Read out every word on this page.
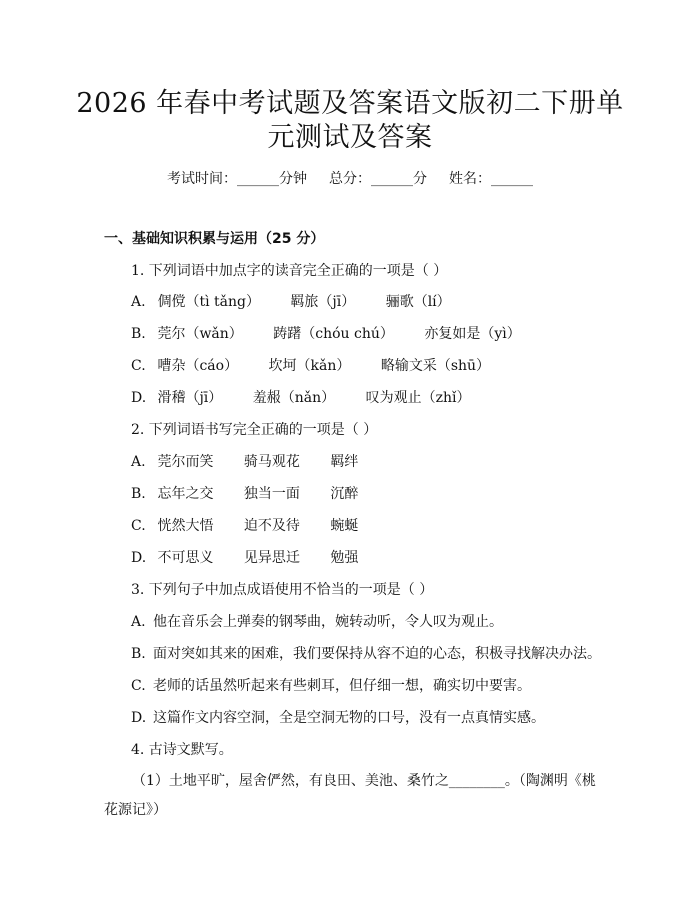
2026 年春中考试题及答案语文版初二下册单
元测试及答案
考试时间：______分钟 总分：______分 姓名：______
一、基础知识积累与运用（25 分）
1. 下列词语中加点字的读音完全正确的一项是（ ）
A. 倜傥（tì tǎng） 羁旅（jī） 骊歌（lí）
B. 莞尔（wǎn） 踌躇（chóu chú） 亦复如是（yì）
C. 嘈杂（cáo） 坎坷（kǎn） 略输文采（shū）
D. 滑稽（jī） 羞赧（nǎn） 叹为观止（zhǐ）
2. 下列词语书写完全正确的一项是（ ）
A. 莞尔而笑 骑马观花 羁绊
B. 忘年之交 独当一面 沉醉
C. 恍然大悟 迫不及待 蜿蜒
D. 不可思义 见异思迁 勉强
3. 下列句子中加点成语使用不恰当的一项是（ ）
A. 他在音乐会上弹奏的钢琴曲，婉转动听，令人叹为观止。
B. 面对突如其来的困难，我们要保持从容不迫的心态，积极寻找解决办法。
C. 老师的话虽然听起来有些刺耳，但仔细一想，确实切中要害。
D. 这篇作文内容空洞，全是空洞无物的口号，没有一点真情实感。
4. 古诗文默写。
（1）土地平旷，屋舍俨然，有良田、美池、桑竹之________。（陶渊明《桃花源记》）
